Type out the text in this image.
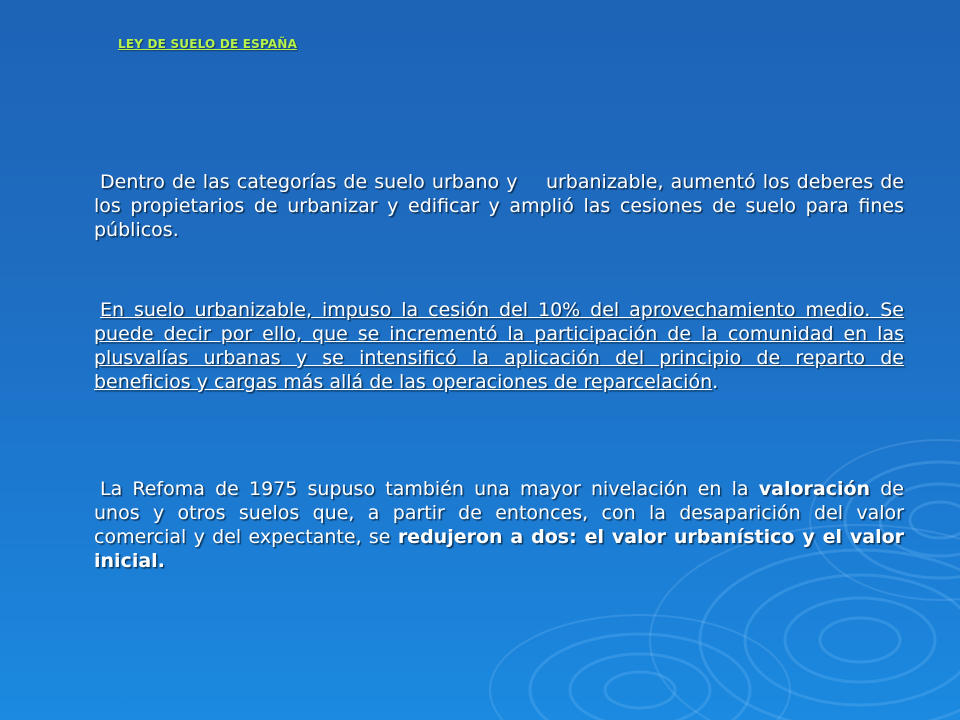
LEY DE SUELO DE ESPAÑA
Dentro de las categorías de suelo urbano y    urbanizable, aumentó los deberes de los propietarios de urbanizar y edificar y amplió las cesiones de suelo para fines públicos.
En suelo urbanizable, impuso la cesión del 10% del aprovechamiento medio. Se puede decir por ello, que se incrementó la participación de la comunidad en las plusvalías urbanas y se intensificó la aplicación del principio de reparto de beneficios y cargas más allá de las operaciones de reparcelación.
La Refoma de 1975 supuso también una mayor nivelación en la valoración de unos y otros suelos que, a partir de entonces, con la desaparición del valor comercial y del expectante, se redujeron a dos: el valor urbanístico y el valor inicial.
